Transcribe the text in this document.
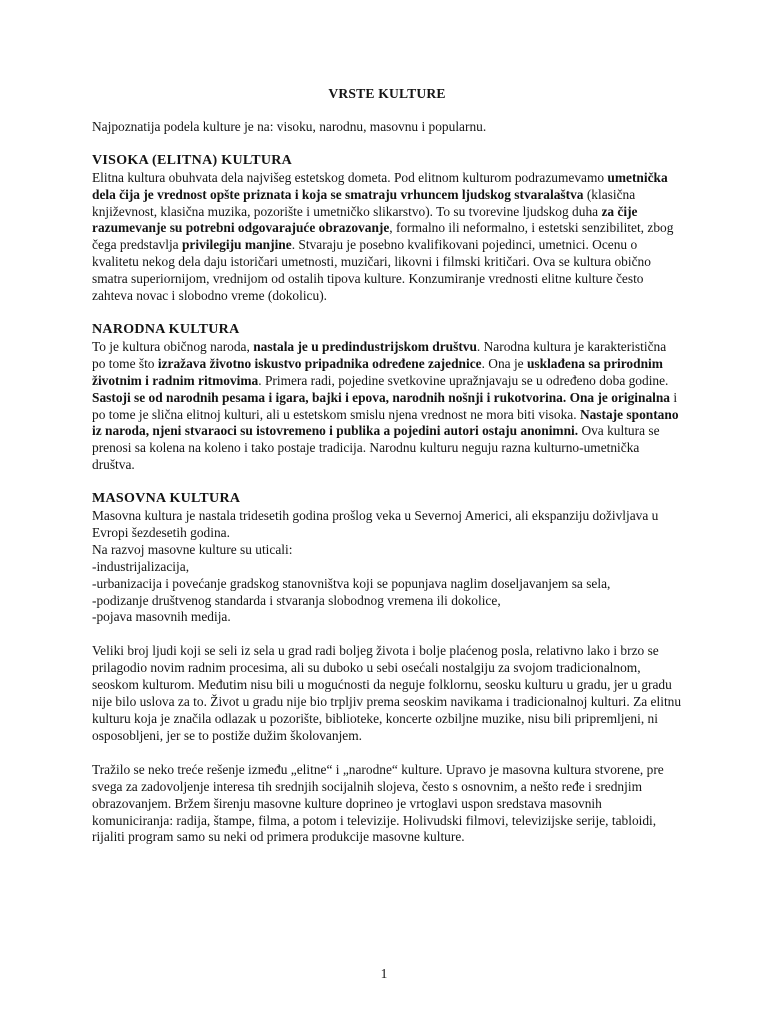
VRSTE KULTURE

Najpoznatija podela kulture je na: visoku, narodnu, masovnu i popularnu.

VISOKA (ELITNA) KULTURA

Elitna kultura obuhvata dela najvišeg estetskog dometa. Pod elitnom kulturom podrazumevamo umetnička dela čija je vrednost opšte priznata i koja se smatraju vrhuncem ljudskog stvaralaštva (klasična književnost, klasična muzika, pozorište i umetničko slikarstvo). To su tvorevine ljudskog duha za čije razumevanje su potrebni odgovarajuće obrazovanje, formalno ili neformalno, i estetski senzibilitet, zbog čega predstavlja privilegiju manjine. Stvaraju je posebno kvalifikovani pojedinci, umetnici. Ocenu o kvalitetu nekog dela daju istoričari umetnosti, muzičari, likovni i filmski kritičari. Ova se kultura obično smatra superiornijom, vrednijom od ostalih tipova kulture. Konzumiranje vrednosti elitne kulture često zahteva novac i slobodno vreme (dokolicu).

NARODNA KULTURA

To je kultura običnog naroda, nastala je u predindustrijskom društvu. Narodna kultura je karakteristična po tome što izražava životno iskustvo pripadnika određene zajednice. Ona je usklađena sa prirodnim životnim i radnim ritmovima. Primera radi, pojedine svetkovine upražnjavaju se u određeno doba godine. Sastoji se od narodnih pesama i igara, bajki i epova, narodnih nošnji i rukotvorina. Ona je originalna i po tome je slična elitnoj kulturi, ali u estetskom smislu njena vrednost ne mora biti visoka. Nastaje spontano iz naroda, njeni stvaraoci su istovremeno i publika a pojedini autori ostaju anonimni. Ova kultura se prenosi sa kolena na koleno i tako postaje tradicija. Narodnu kulturu neguju razna kulturno-umetnička društva.

MASOVNA KULTURA

Masovna kultura je nastala tridesetih godina prošlog veka u Severnoj Americi, ali ekspanziju doživljava u Evropi šezdesetih godina.

Na razvoj masovne kulture su uticali:

-industrijalizacija,

-urbanizacija i povećanje gradskog stanovništva koji se popunjava naglim doseljavanjem sa sela,

-podizanje društvenog standarda i stvaranja slobodnog vremena ili dokolice,

-pojava masovnih medija.

Veliki broj ljudi koji se seli iz sela u grad radi boljeg života i bolje plaćenog posla, relativno lako i brzo se prilagodio novim radnim procesima, ali su duboko u sebi osećali nostalgiju za svojom tradicionalnom, seoskom kulturom. Međutim nisu bili u mogućnosti da neguje folklornu, seosku kulturu u gradu, jer u gradu nije bilo uslova za to. Život u gradu nije bio trpljiv prema seoskim navikama i tradicionalnoj kulturi. Za elitnu kulturu koja je značila odlazak u pozorište, biblioteke, koncerte ozbiljne muzike, nisu bili pripremljeni, ni osposobljeni, jer se to postiže dužim školovanjem.

Tražilo se neko treće rešenje između „elitne“ i „narodne“ kulture. Upravo je masovna kultura stvorene, pre svega za zadovoljenje interesa tih srednjih socijalnih slojeva, često s osnovnim, a nešto ređe i srednjim obrazovanjem. Bržem širenju masovne kulture doprineo je vrtoglavi uspon sredstava masovnih komuniciranja: radija, štampe, filma, a potom i televizije. Holivudski filmovi, televizijske serije, tabloidi, rijaliti program samo su neki od primera produkcije masovne kulture.

1
